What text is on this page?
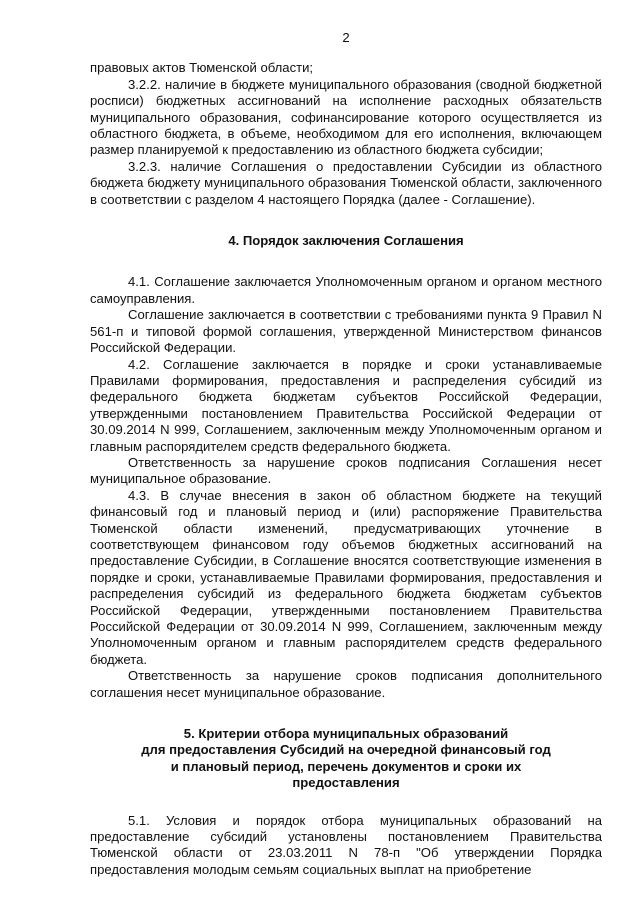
2

правовых актов Тюменской области;

3.2.2. наличие в бюджете муниципального образования (сводной бюджетной росписи) бюджетных ассигнований на исполнение расходных обязательств муниципального образования, софинансирование которого осуществляется из областного бюджета, в объеме, необходимом для его исполнения, включающем размер планируемой к предоставлению из областного бюджета субсидии;

3.2.3. наличие Соглашения о предоставлении Субсидии из областного бюджета бюджету муниципального образования Тюменской области, заключенного в соответствии с разделом 4 настоящего Порядка (далее - Соглашение).

4. Порядок заключения Соглашения

4.1. Соглашение заключается Уполномоченным органом и органом местного самоуправления.

Соглашение заключается в соответствии с требованиями пункта 9 Правил N 561-п и типовой формой соглашения, утвержденной Министерством финансов Российской Федерации.

4.2. Соглашение заключается в порядке и сроки устанавливаемые Правилами формирования, предоставления и распределения субсидий из федерального бюджета бюджетам субъектов Российской Федерации, утвержденными постановлением Правительства Российской Федерации от 30.09.2014 N 999, Соглашением, заключенным между Уполномоченным органом и главным распорядителем средств федерального бюджета.

Ответственность за нарушение сроков подписания Соглашения несет муниципальное образование.

4.3. В случае внесения в закон об областном бюджете на текущий финансовый год и плановый период и (или) распоряжение Правительства Тюменской области изменений, предусматривающих уточнение в соответствующем финансовом году объемов бюджетных ассигнований на предоставление Субсидии, в Соглашение вносятся соответствующие изменения в порядке и сроки, устанавливаемые Правилами формирования, предоставления и распределения субсидий из федерального бюджета бюджетам субъектов Российской Федерации, утвержденными постановлением Правительства Российской Федерации от 30.09.2014 N 999, Соглашением, заключенным между Уполномоченным органом и главным распорядителем средств федерального бюджета.

Ответственность за нарушение сроков подписания дополнительного соглашения несет муниципальное образование.

5. Критерии отбора муниципальных образований
для предоставления Субсидий на очередной финансовый год
и плановый период, перечень документов и сроки их
предоставления

5.1. Условия и порядок отбора муниципальных образований на предоставление субсидий установлены постановлением Правительства Тюменской области от 23.03.2011 N 78-п "Об утверждении Порядка предоставления молодым семьям социальных выплат на приобретение
